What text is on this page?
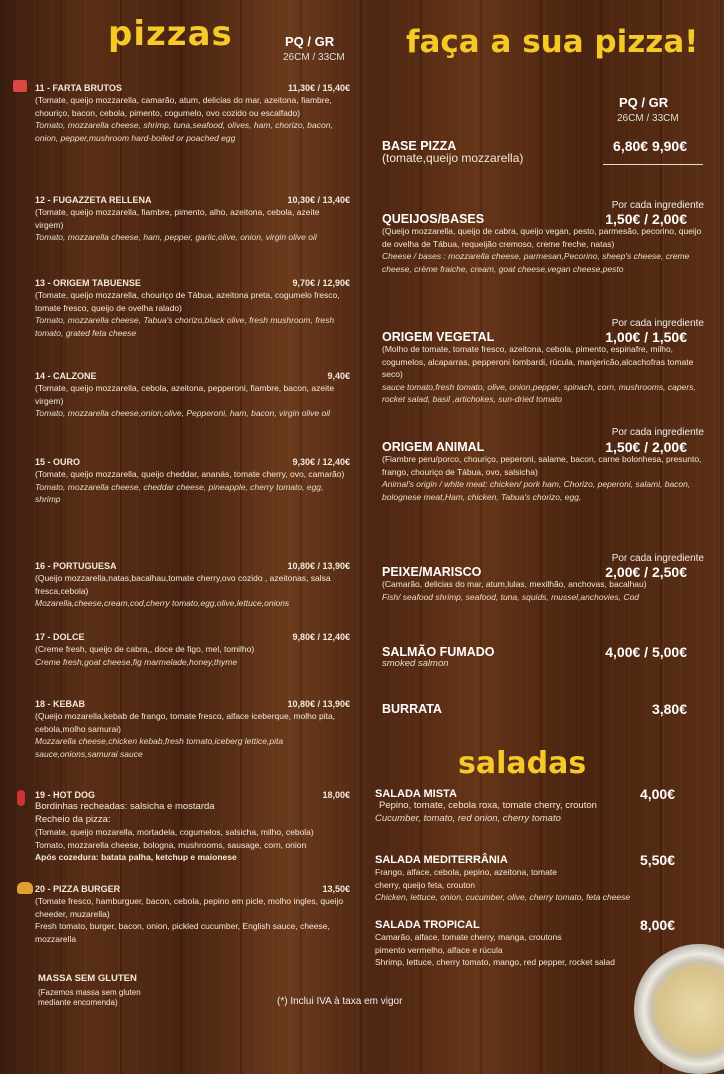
pizzas	PQ / GR
26CM / 33CM faça a sua pizza!
PQ / GR
26CM / 33CM
11 - FARTA BRUTOS	11,30€ / 15,40€
(Tomate, queijo mozzarella, camarão, atum, delicias do mar, azeitona, fiambre, chouriço, bacon, cebola, pimento, cogumelo, ovo cozido ou escalfado)
Tomato, mozzarella cheese, shrimp, tuna,seafood, olives, ham, chorizo, bacon, onion, pepper,mushroom hard-boiled or poached egg
12 - FUGAZZETA RELLENA	10,30€ / 13,40€
(Tomate, queijo mozzarella, fiambre, pimento, alho, azeitona, cebola, azeite virgem)
Tomato, mozzarella cheese, ham, pepper, garlic,olive, onion, virgin olive oil
13 - ORIGEM TABUENSE	9,70€ / 12,90€
(Tomate, queijo mozzarella, chouriço de Tábua, azeitona preta, cogumelo fresco, tomate fresco, queijo de ovelha ralado)
Tomato, mozzarella cheese, Tabua's chorizo,black olive, fresh mushroom, fresh tomato, grated feta cheese
14 - CALZONE	9,40€
(Tomate, queijo mozzarella, cebola, azeitona, pepperoni, fiambre, bacon, azeite virgem)
Tomato, mozzarella cheese,onion,olive, Pepperoni, ham, bacon, virgin olive oil
15 - OURO	9,30€ / 12,40€
(Tomate, queijo mozzarella, queijo cheddar, ananás, tomate cherry, ovo, camarão)
Tomato, mozzarella cheese, cheddar cheese, pineapple, cherry tomato, egg, shrimp
16 - PORTUGUESA	10,80€ / 13,90€
(Queijo mozzarella,natas,bacalhau,tomate cherry,ovo cozido , azeitonas, salsa fresca,cebola)
Mozarella,cheese,cream,cod,cherry tomato,egg,olive,lettuce,onions
17 - DOLCE	9,80€ / 12,40€
(Creme fresh, queijo de cabra,, doce de figo, mel, tomilho)
Creme fresh,goat cheese,fig marmelade,honey,thyme
18 - KEBAB	10,80€ / 13,90€
(Queijo mozarella,kebab de frango, tomate fresco, alface iceberque, molho pita, cebola,molho samurai)
Mozzarella cheese,chicken kebab,fresh tomato,iceberg lettice,pita sauce,onions,samurai sauce
19 - HOT DOG	18,00€
Bordinhas recheadas: salsicha e mostarda
Recheio da pizza:
(Tomate, queijo mozarella, mortadela, cogumelos, salsicha, milho, cebola)
Tomato, mozzarella cheese, bologna, mushrooms, sausage, corn, onion
Após cozedura: batata palha, ketchup e maionese
20 - PIZZA BURGER	13,50€
(Tomate fresco, hamburguer, bacon, cebola, pepino em picle, molho ingles, queijo cheeder, muzarella)
Fresh tomato, burger, bacon, onion, pickled cucumber, English sauce, cheese, mozzarella
MASSA SEM GLUTEN
(Fazemos massa sem gluten mediante encomenda)
BASE PIZZA	6,80€ 9,90€
(tomate,queijo mozzarella)
Por cada ingrediente
QUEIJOS/BASES	1,50€ / 2,00€
(Queijo mozzarella, queijo de cabra, queijo vegan, pesto, parmesão, pecorino, queijo de ovelha de Tábua, requeijão cremoso, creme freche, natas)
Cheese / bases : mozzarella cheese, parmesan,Pecorino, sheep's cheese, creme cheese, crème fraiche, cream, goat cheese,vegan cheese,pesto
Por cada ingrediente
ORIGEM VEGETAL	1,00€ / 1,50€
(Molho de tomate, tomate fresco, azeitona, cebola, pimento, espinafre, milho, cogumelos, alcaparras, pepperoni lombardi, rúcula, manjericão,alcachofras tomate seco)
sauce tomato,fresh tomato, olive, onion,pepper, spinach, corn, mushrooms, capers, rocket salad, basil ,artichokes, sun-dried tomato
Por cada ingrediente
ORIGEM ANIMAL	1,50€ / 2,00€
(Fiambre peru/porco, chouriço, peperoni, salame, bacon, carne bolonhesa, presunto, frango, chouriço de Tábua, ovo, salsicha)
Animal's origin / white meat: chicken/ pork ham, Chorizo, peperoni, salami, bacon, bolognese meat,Ham, chicken, Tabua's chorizo, egg,
Por cada ingrediente
PEIXE/MARISCO	2,00€ / 2,50€
(Camarão, delicias do mar, atum,lulas, mexilhão, anchovas, bacalhau)
Fish/ seafood shrimp, seafood, tuna, squids, mussel,anchovies, Cod
SALMÃO FUMADO	4,00€ / 5,00€
smoked salmon
BURRATA	3,80€
saladas
SALADA MISTA	4,00€
Pepino, tomate, cebola roxa, tomate cherry, crouton
Cucumber, tomato, red onion, cherry tomato
SALADA MEDITERRÂNIA	5,50€
Frango, alface, cebola, pepino, azeitona, tomate cherry, queijo feta, crouton
Chicken, lettuce, onion, cucumber, olive, cherry tomato, feta cheese
SALADA TROPICAL	8,00€
Camarão, alface, tomate cherry, manga, croutons pimento vermelho, alface e rúcula
Shrimp, lettuce, cherry tomato, mango, red pepper, rocket salad
(*) Inclui IVA à taxa em vigor
